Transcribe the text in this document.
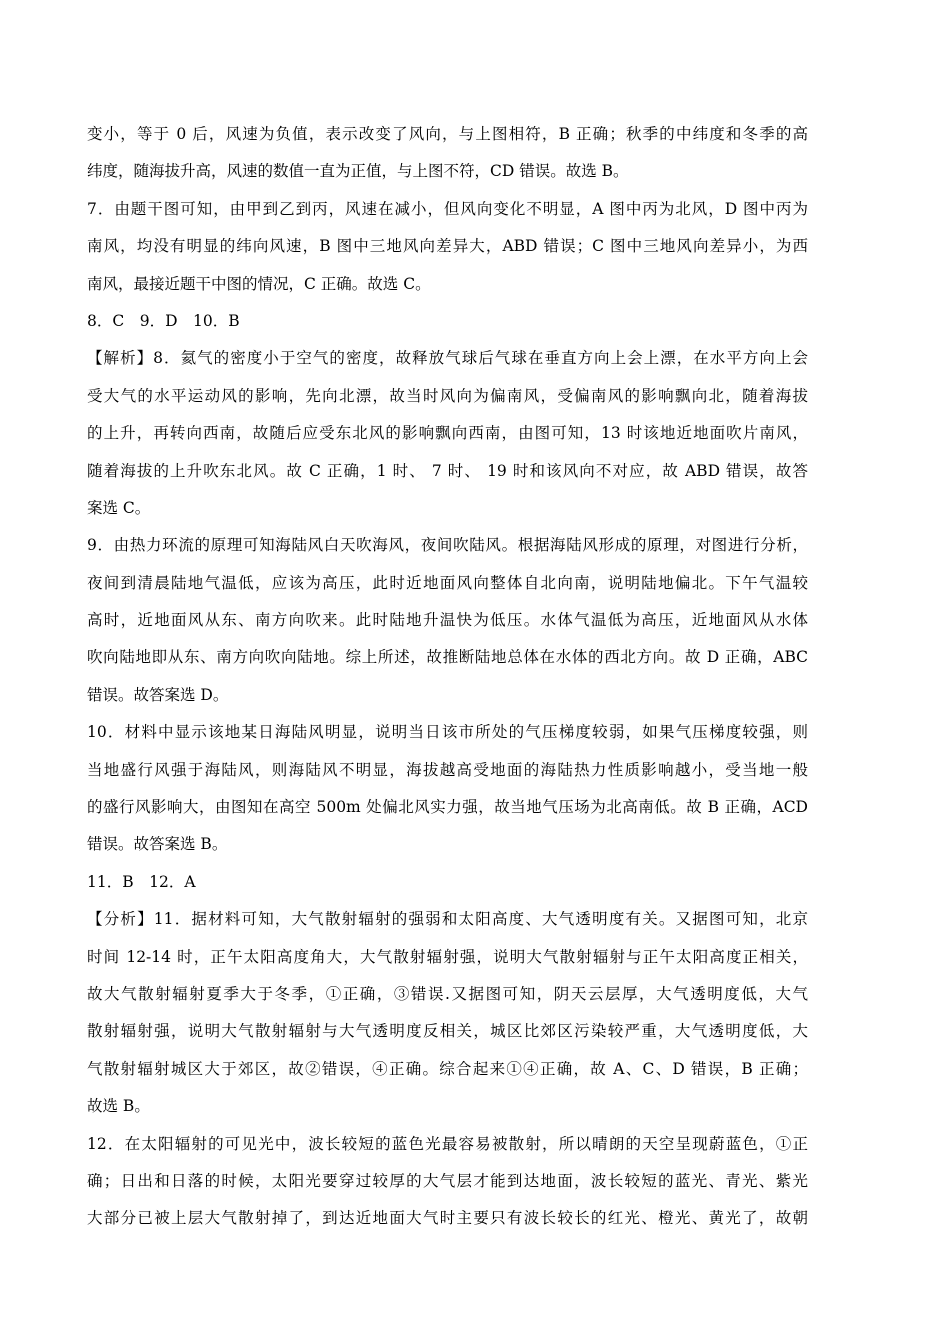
变小，等于 0 后，风速为负值，表示改变了风向，与上图相符，B 正确；秋季的中纬度和冬季的高
纬度，随海拔升高，风速的数值一直为正值，与上图不符，CD 错误。故选 B。
7．由题干图可知，由甲到乙到丙，风速在减小，但风向变化不明显，A 图中丙为北风，D 图中丙为
南风，均没有明显的纬向风速，B 图中三地风向差异大，ABD 错误；C 图中三地风向差异小，为西
南风，最接近题干中图的情况，C 正确。故选 C。
8．C　9．D　10．B
【解析】8．氦气的密度小于空气的密度，故释放气球后气球在垂直方向上会上漂，在水平方向上会
受大气的水平运动风的影响，先向北漂，故当时风向为偏南风，受偏南风的影响飘向北，随着海拔
的上升，再转向西南，故随后应受东北风的影响飘向西南，由图可知，13 时该地近地面吹片南风，
随着海拔的上升吹东北风。故 C 正确，1 时、 7 时、 19 时和该风向不对应，故 ABD 错误，故答
案选 C。
9．由热力环流的原理可知海陆风白天吹海风，夜间吹陆风。根据海陆风形成的原理，对图进行分析，
夜间到清晨陆地气温低，应该为高压，此时近地面风向整体自北向南，说明陆地偏北。下午气温较
高时，近地面风从东、南方向吹来。此时陆地升温快为低压。水体气温低为高压，近地面风从水体
吹向陆地即从东、南方向吹向陆地。综上所述，故推断陆地总体在水体的西北方向。故 D 正确，ABC
错误。故答案选 D。
10．材料中显示该地某日海陆风明显，说明当日该市所处的气压梯度较弱，如果气压梯度较强，则
当地盛行风强于海陆风，则海陆风不明显，海拔越高受地面的海陆热力性质影响越小，受当地一般
的盛行风影响大，由图知在高空 500m 处偏北风实力强，故当地气压场为北高南低。故 B 正确，ACD
错误。故答案选 B。
11．B　12．A
【分析】11．据材料可知，大气散射辐射的强弱和太阳高度、大气透明度有关。又据图可知，北京
时间 12-14 时，正午太阳高度角大，大气散射辐射强，说明大气散射辐射与正午太阳高度正相关，
故大气散射辐射夏季大于冬季，①正确，③错误.又据图可知，阴天云层厚，大气透明度低，大气
散射辐射强，说明大气散射辐射与大气透明度反相关，城区比郊区污染较严重，大气透明度低，大
气散射辐射城区大于郊区，故②错误，④正确。综合起来①④正确，故 A、C、D 错误，B 正确；
故选 B。
12．在太阳辐射的可见光中，波长较短的蓝色光最容易被散射，所以晴朗的天空呈现蔚蓝色，①正
确；日出和日落的时候，太阳光要穿过较厚的大气层才能到达地面，波长较短的蓝光、青光、紫光
大部分已被上层大气散射掉了，到达近地面大气时主要只有波长较长的红光、橙光、黄光了，故朝
